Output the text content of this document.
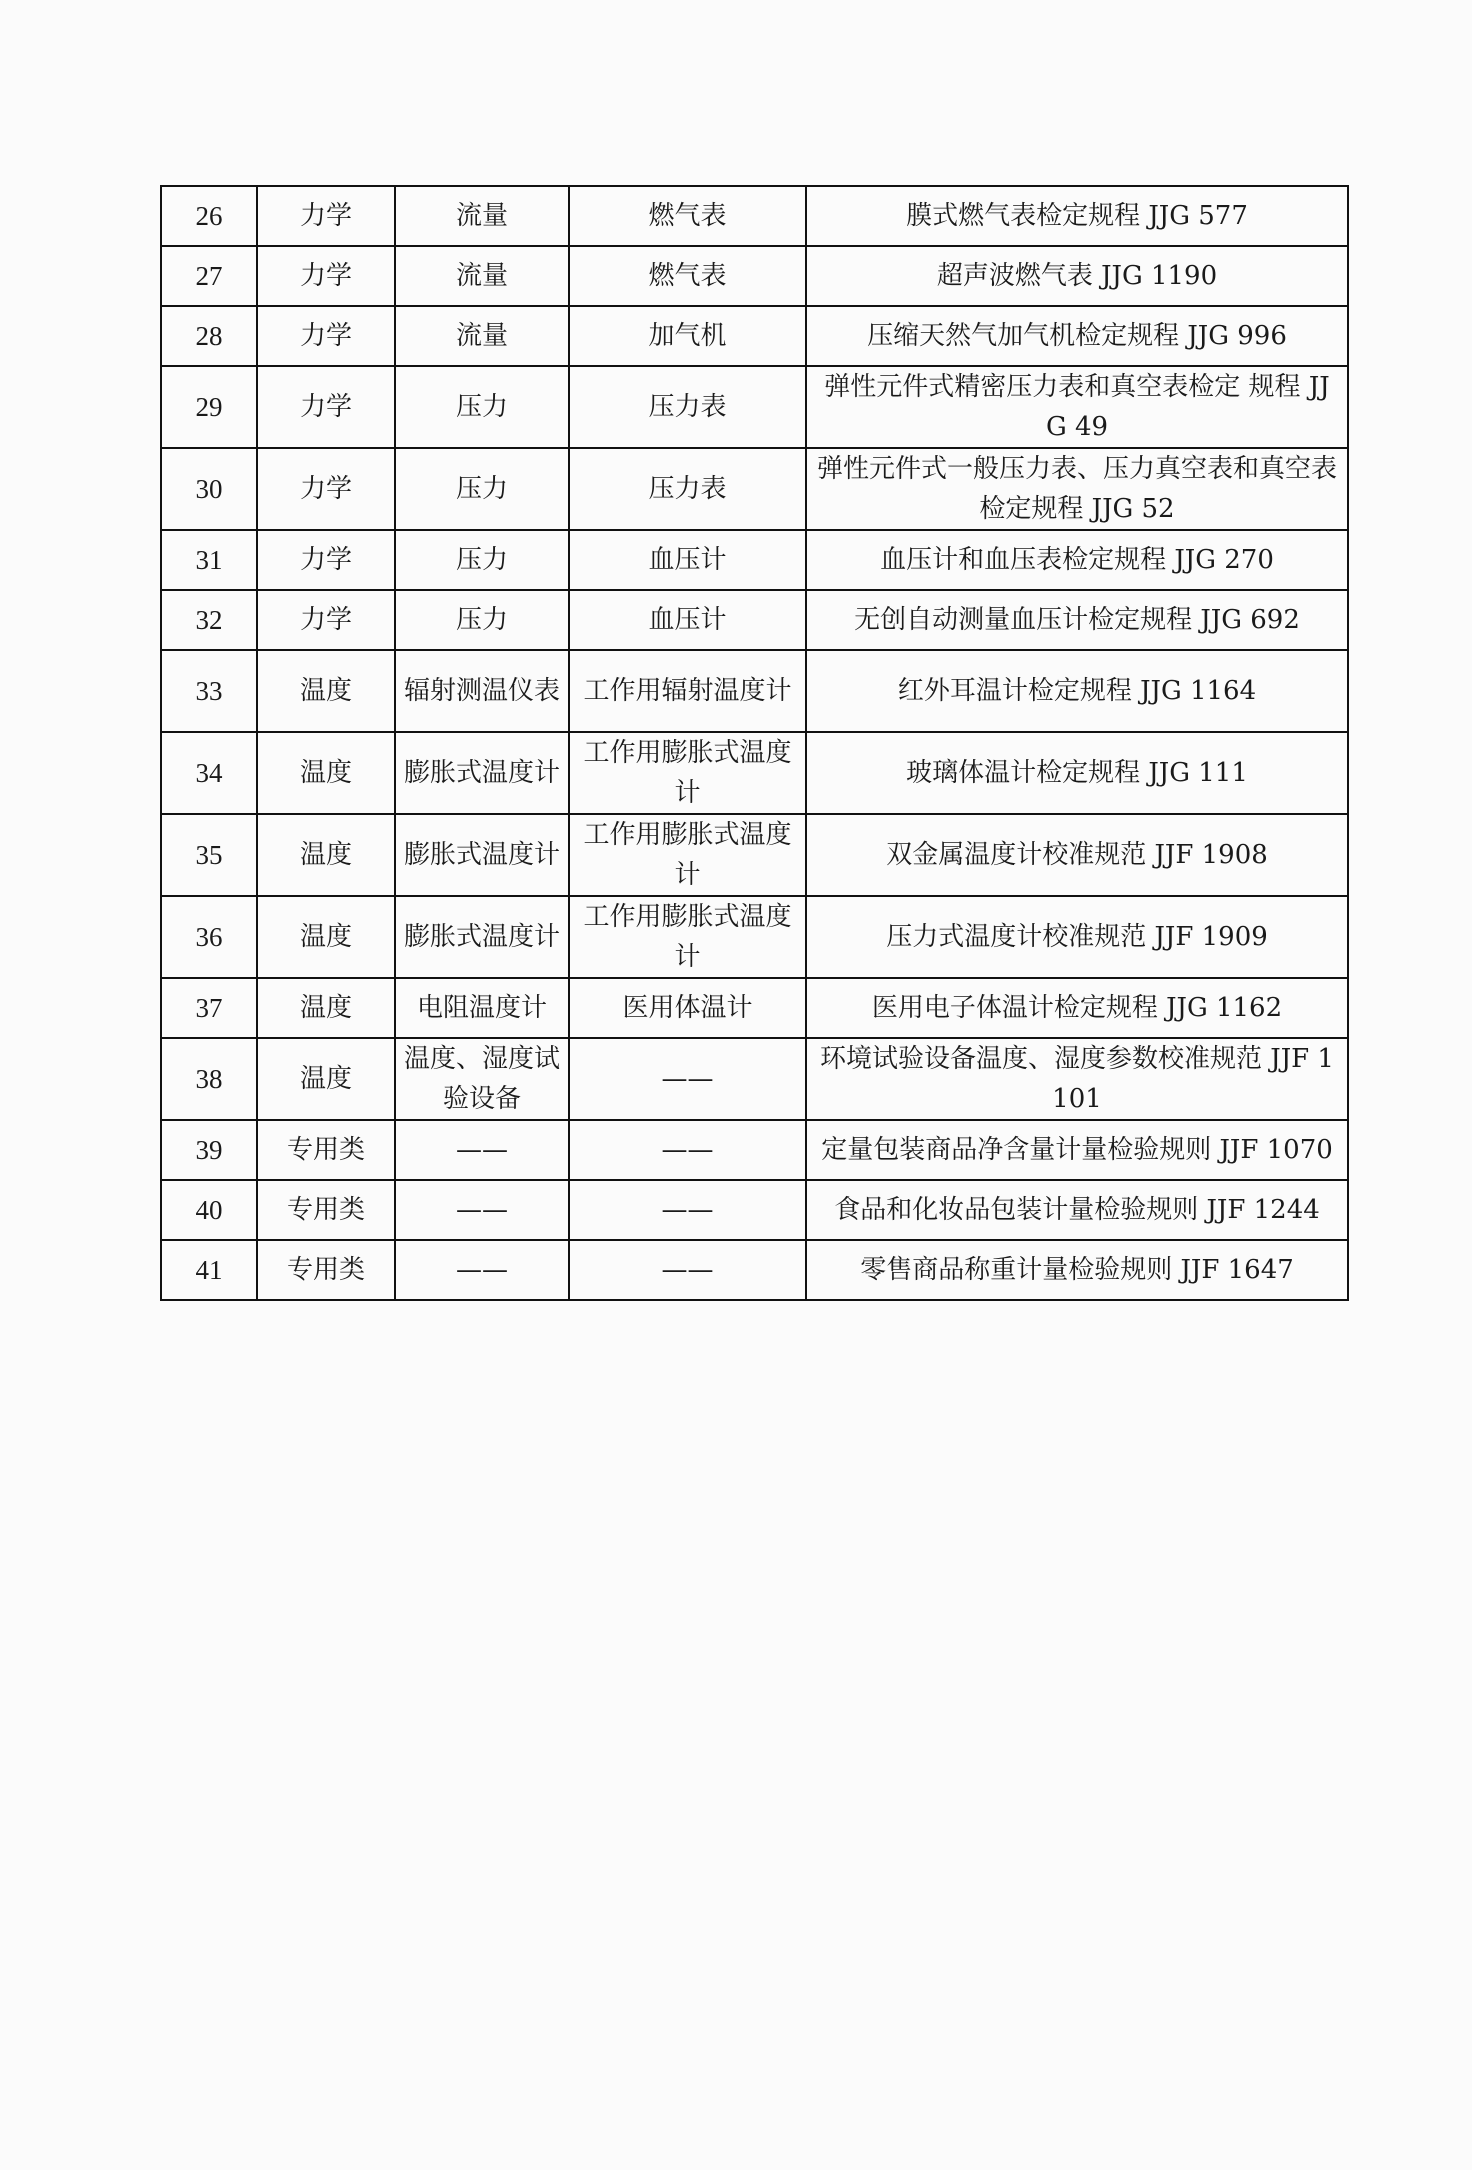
26	力学	流量	燃气表	膜式燃气表检定规程 JJG 577
27	力学	流量	燃气表	超声波燃气表 JJG 1190
28	力学	流量	加气机	压缩天然气加气机检定规程 JJG 996
29	力学	压力	压力表	弹性元件式精密压力表和真空表检定 规程 JJG 49
30	力学	压力	压力表	弹性元件式一般压力表、压力真空表和真空表检定规程 JJG 52
31	力学	压力	血压计	血压计和血压表检定规程 JJG 270
32	力学	压力	血压计	无创自动测量血压计检定规程 JJG 692
33	温度	辐射测温仪表	工作用辐射温度计	红外耳温计检定规程 JJG 1164
34	温度	膨胀式温度计	工作用膨胀式温度计	玻璃体温计检定规程 JJG 111
35	温度	膨胀式温度计	工作用膨胀式温度计	双金属温度计校准规范 JJF 1908
36	温度	膨胀式温度计	工作用膨胀式温度计	压力式温度计校准规范 JJF 1909
37	温度	电阻温度计	医用体温计	医用电子体温计检定规程 JJG 1162
38	温度	温度、湿度试验设备	——	环境试验设备温度、湿度参数校准规范 JJF 1101
39	专用类	——	——	定量包装商品净含量计量检验规则 JJF 1070
40	专用类	——	——	食品和化妆品包装计量检验规则 JJF 1244
41	专用类	——	——	零售商品称重计量检验规则 JJF 1647
